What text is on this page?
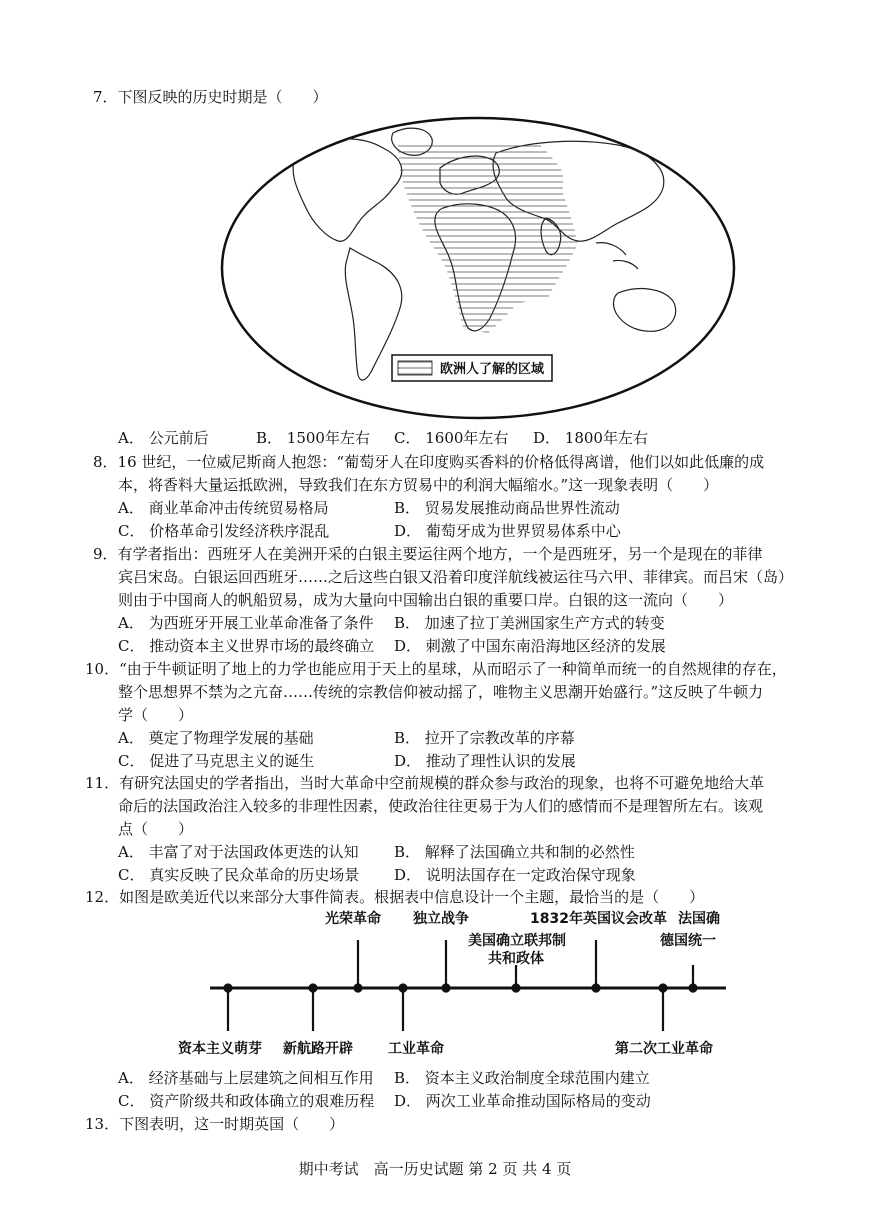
7．下图反映的历史时期是（　　）
欧洲人了解的区域
A． 公元前后	B． 1500年左右 C． 1600年左右 D． 1800年左右
8．16 世纪，一位威尼斯商人抱怨：“葡萄牙人在印度购买香料的价格低得离谱，他们以如此低廉的成
本，将香料大量运抵欧洲，导致我们在东方贸易中的利润大幅缩水。”这一现象表明（　　）
A． 商业革命冲击传统贸易格局	B． 贸易发展推动商品世界性流动
C． 价格革命引发经济秩序混乱	D． 葡萄牙成为世界贸易体系中心
9．有学者指出：西班牙人在美洲开采的白银主要运往两个地方，一个是西班牙，另一个是现在的菲律
宾吕宋岛。白银运回西班牙……之后这些白银又沿着印度洋航线被运往马六甲、菲律宾。而吕宋（岛）
则由于中国商人的帆船贸易，成为大量向中国输出白银的重要口岸。白银的这一流向（　　）
A． 为西班牙开展工业革命准备了条件 B． 加速了拉丁美洲国家生产方式的转变
C． 推动资本主义世界市场的最终确立 D． 刺激了中国东南沿海地区经济的发展
10．“由于牛顿证明了地上的力学也能应用于天上的星球，从而昭示了一种简单而统一的自然规律的存在，
整个思想界不禁为之亢奋……传统的宗教信仰被动摇了，唯物主义思潮开始盛行。”这反映了牛顿力
学（　　）
A． 奠定了物理学发展的基础	B． 拉开了宗教改革的序幕
C． 促进了马克思主义的诞生	D． 推动了理性认识的发展
11．有研究法国史的学者指出，当时大革命中空前规模的群众参与政治的现象，也将不可避免地给大革
命后的法国政治注入较多的非理性因素，使政治往往更易于为人们的感情而不是理智所左右。该观
点（　　）
A． 丰富了对于法国政体更迭的认知 B． 解释了法国确立共和制的必然性
C． 真实反映了民众革命的历史场景 D． 说明法国存在一定政治保守现象
12．如图是欧美近代以来部分大事件简表。根据表中信息设计一个主题，最恰当的是（　　）
光荣革命 独立战争
美国确立联邦制
共和政体
1832年英国议会改革 法国确
德国统一
资本主义萌芽 新航路开辟	工业革命	第二次工业革命
A． 经济基础与上层建筑之间相互作用 B． 资本主义政治制度全球范围内建立
C． 资产阶级共和政体确立的艰难历程 D． 两次工业革命推动国际格局的变动
13．下图表明，这一时期英国（　　）
期中考试　高一历史试题 第 2 页 共 4 页
